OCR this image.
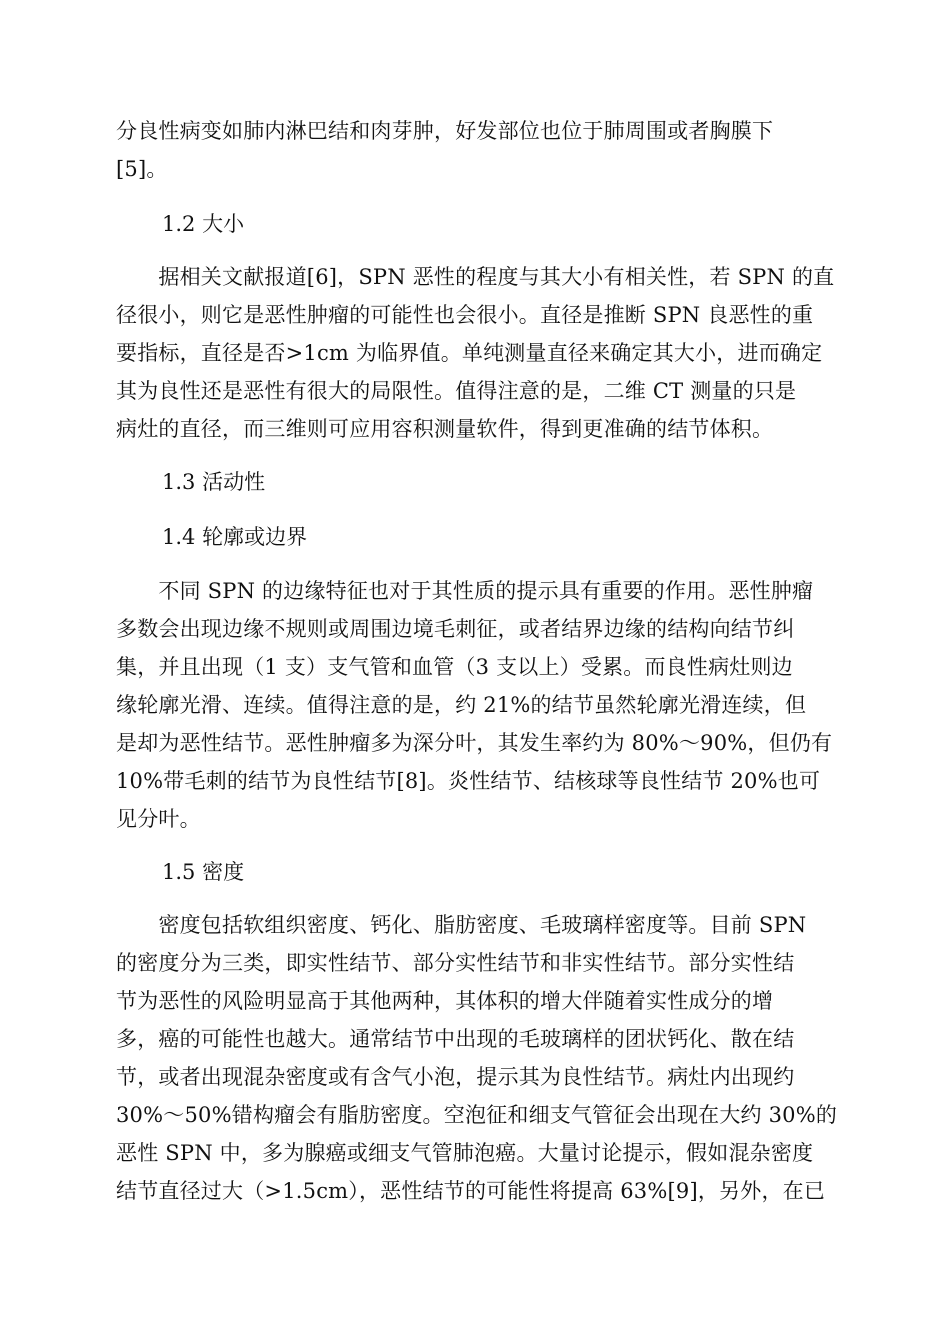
分良性病变如肺内淋巴结和肉芽肿，好发部位也位于肺周围或者胸膜下
[5]。
1.2 大小
　　据相关文献报道[6]，SPN 恶性的程度与其大小有相关性，若 SPN 的直
径很小，则它是恶性肿瘤的可能性也会很小。直径是推断 SPN 良恶性的重
要指标，直径是否>1cm 为临界值。单纯测量直径来确定其大小，进而确定
其为良性还是恶性有很大的局限性。值得注意的是，二维 CT 测量的只是
病灶的直径，而三维则可应用容积测量软件，得到更准确的结节体积。
1.3 活动性
1.4 轮廓或边界
　　不同 SPN 的边缘特征也对于其性质的提示具有重要的作用。恶性肿瘤
多数会出现边缘不规则或周围边境毛刺征，或者结界边缘的结构向结节纠
集，并且出现（1 支）支气管和血管（3 支以上）受累。而良性病灶则边
缘轮廓光滑、连续。值得注意的是，约 21%的结节虽然轮廓光滑连续，但
是却为恶性结节。恶性肿瘤多为深分叶，其发生率约为 80%～90%，但仍有
10%带毛刺的结节为良性结节[8]。炎性结节、结核球等良性结节 20%也可
见分叶。
1.5 密度
　　密度包括软组织密度、钙化、脂肪密度、毛玻璃样密度等。目前 SPN
的密度分为三类，即实性结节、部分实性结节和非实性结节。部分实性结
节为恶性的风险明显高于其他两种，其体积的增大伴随着实性成分的增
多，癌的可能性也越大。通常结节中出现的毛玻璃样的团状钙化、散在结
节，或者出现混杂密度或有含气小泡，提示其为良性结节。病灶内出现约
30%～50%错构瘤会有脂肪密度。空泡征和细支气管征会出现在大约 30%的
恶性 SPN 中，多为腺癌或细支气管肺泡癌。大量讨论提示，假如混杂密度
结节直径过大（>1.5cm），恶性结节的可能性将提高 63%[9]，另外，在已
